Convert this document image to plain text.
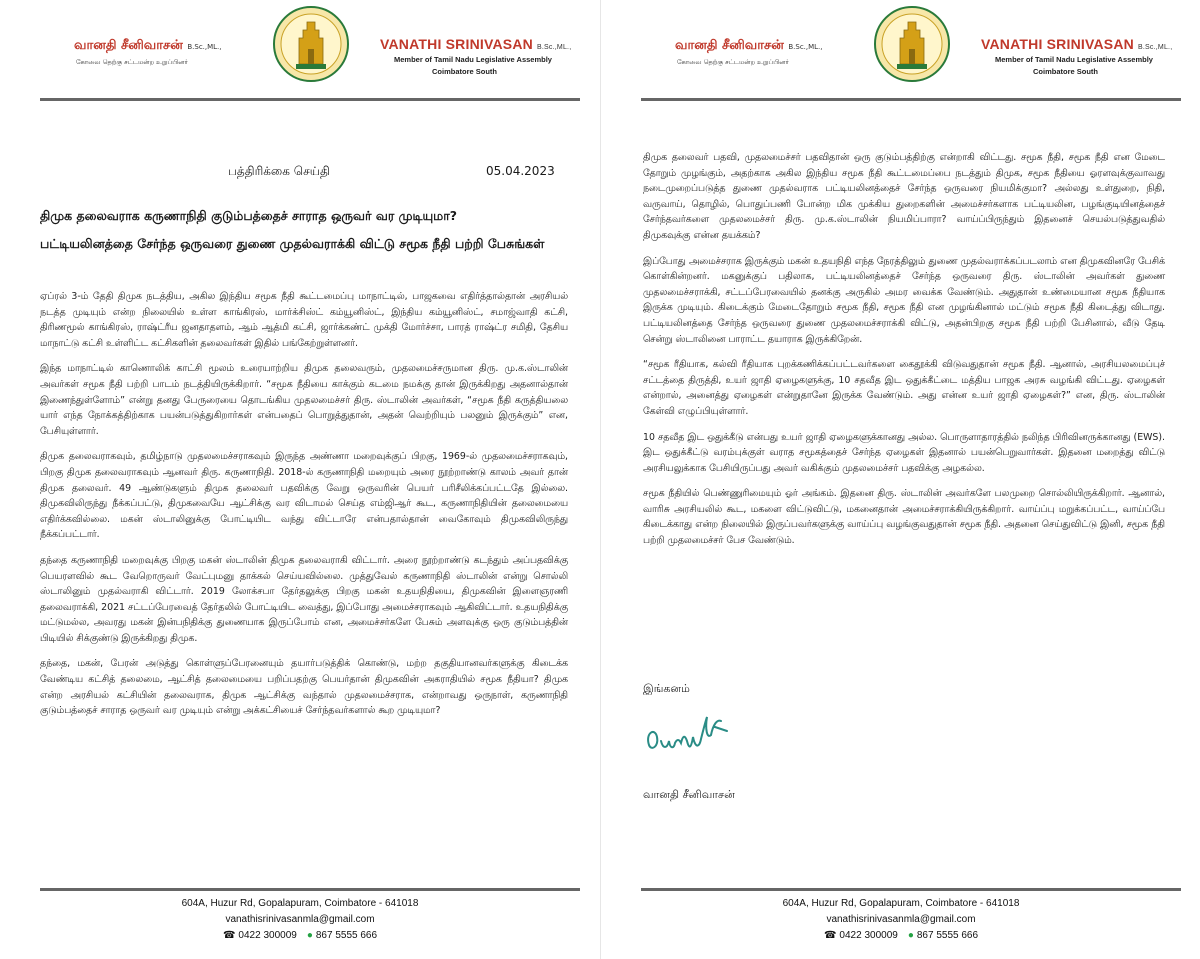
வானதி சீனிவாசன் B.Sc.,ML.,
கோவை தெற்கு சட்டமன்ற உறுப்பினர்
VANATHI SRINIVASAN B.Sc.,ML.,
Member of Tamil Nadu Legislative Assembly
Coimbatore South
பத்திரிக்கை செய்தி	05.04.2023
திமுக தலைவராக கருணாநிதி குடும்பத்தைச் சாராத ஒருவர் வர முடியுமா?
பட்டியலினத்தை சேர்ந்த ஒருவரை துணை முதல்வராக்கி விட்டு சமூக நீதி பற்றி பேசுங்கள்

ஏப்ரல் 3-ம் தேதி திமுக நடத்திய, அகில இந்திய சமூக நீதி கூட்டமைப்பு மாநாட்டில், பாஜகவை எதிர்த்தால்தான் அரசியல் நடத்த முடியும் என்ற நிலையில் உள்ள காங்கிரஸ், மார்க்சிஸ்ட் கம்யூனிஸ்ட், இந்திய கம்யூனிஸ்ட், சமாஜ்வாதி கட்சி, திரிணமூல் காங்கிரஸ், ராஷ்ட்ரீய ஜனதாதளம், ஆம் ஆத்மி கட்சி, ஜார்க்கண்ட் முக்தி மோர்ச்சா, பாரத் ராஷ்ட்ர சமிதி, தேசிய மாநாட்டு கட்சி உள்ளிட்ட கட்சிகளின் தலைவர்கள் இதில் பங்கேற்றுள்ளனர்.

இந்த மாநாட்டில் காணொலிக் காட்சி மூலம் உரையாற்றிய திமுக தலைவரும், முதலமைச்சருமான திரு. மு.க.ஸ்டாலின் அவர்கள் சமூக நீதி பற்றி பாடம் நடத்தியிருக்கிறார். “சமூக நீதியை காக்கும் கடமை நமக்கு தான் இருக்கிறது அதனால்தான் இணைந்துள்ளோம்” என்று தனது பேருரையை தொடங்கிய முதலமைச்சர் திரு. ஸ்டாலின் அவர்கள், “சமூக நீதி கருத்தியலை யார் எந்த நோக்கத்திற்காக பயன்படுத்துகிறார்கள் என்பதைப் பொறுத்துதான், அதன் வெற்றியும் பலனும் இருக்கும்” என, பேசியுள்ளார்.

திமுக தலைவராகவும், தமிழ்நாடு முதலமைச்சராகவும் இருந்த அண்ணா மறைவுக்குப் பிறகு, 1969-ல் முதலமைச்சராகவும், பிறகு திமுக தலைவராகவும் ஆனவர் திரு. கருணாநிதி. 2018-ல் கருணாநிதி மறையும் அரை நூற்றாண்டு காலம் அவர் தான் திமுக தலைவர். 49 ஆண்டுகளும் திமுக தலைவர் பதவிக்கு வேறு ஒருவரின் பெயர் பரிசீலிக்கப்பட்டதே இல்லை. திமுகவிலிருந்து நீக்கப்பட்டு, திமுகவையே ஆட்சிக்கு வர விடாமல் செய்த எம்ஜிஆர் கூட, கருணாநிதியின் தலைமையை எதிர்க்கவில்லை. மகன் ஸ்டாலினுக்கு போட்டியிட வந்து விட்டாரே என்பதால்தான் வைகோவும் திமுகவிலிருந்து நீக்கப்பட்டார்.

தந்தை கருணாநிதி மறைவுக்கு பிறகு மகன் ஸ்டாலின் திமுக தலைவராகி விட்டார். அரை நூற்றாண்டு கடந்தும் அப்பதவிக்கு பெயரளவில் கூட வேறொருவர் வேட்புமனு தாக்கல் செய்யவில்லை. முத்துவேல் கருணாநிதி ஸ்டாலின் என்று சொல்லி ஸ்டாலினும் முதல்வராகி விட்டார். 2019 லோக்சபா தேர்தலுக்கு பிறகு மகன் உதயநிதியை, திமுகவின் இளைஞரணி தலைவராக்கி, 2021 சட்டப்பேரவைத் தேர்தலில் போட்டியிட வைத்து, இப்போது அமைச்சராகவும் ஆகிவிட்டார். உதயநிதிக்கு மட்டுமல்ல, அவரது மகன் இன்பநிதிக்கு துணையாக இருப்போம் என, அமைச்சர்களே பேசும் அளவுக்கு ஒரு குடும்பத்தின் பிடியில் சிக்குண்டு இருக்கிறது திமுக.

தந்தை, மகன், பேரன் அடுத்து கொள்ளுப்பேரனையும் தயார்படுத்திக் கொண்டு, மற்ற தகுதியானவர்களுக்கு கிடைக்க வேண்டிய கட்சித் தலைமை, ஆட்சித் தலைமையை பறிப்பதற்கு பெயர்தான் திமுகவின் அகராதியில் சமூக நீதியா? திமுக என்ற அரசியல் கட்சியின் தலைவராக, திமுக ஆட்சிக்கு வந்தால் முதலமைச்சராக, என்றாவது ஒருநாள், கருணாநிதி குடும்பத்தைச் சாராத ஒருவர் வர முடியும் என்று அக்கட்சியைச் சேர்ந்தவர்களால் கூற முடியுமா?

604A, Huzur Rd, Gopalapuram, Coimbatore - 641018
vanathisrinivasanmla@gmail.com
☎ 0422 300009 ● 867 5555 666
வானதி சீனிவாசன் B.Sc.,ML.,
கோவை தெற்கு சட்டமன்ற உறுப்பினர்
VANATHI SRINIVASAN B.Sc.,ML.,
Member of Tamil Nadu Legislative Assembly
Coimbatore South

திமுக தலைவர் பதவி, முதலமைச்சர் பதவிதான் ஒரு குடும்பத்திற்கு என்றாகி விட்டது. சமூக நீதி, சமூக நீதி என மேடை தோறும் முழங்கும், அதற்காக அகில இந்திய சமூக நீதி கூட்டமைப்பை நடத்தும் திமுக, சமூக நீதியை ஓரளவுக்குவாவது நடைமுறைப்படுத்த துணை முதல்வராக பட்டியலினத்தைச் சேர்ந்த ஒருவரை நியமிக்குமா? அல்லது உள்துறை, நிதி, வருவாய், தொழில், பொதுப்பணி போன்ற மிக முக்கிய துறைகளின் அமைச்சர்களாக பட்டியலின, பழங்குடியினத்தைச் சேர்ந்தவர்களை முதலமைச்சர் திரு. மு.க.ஸ்டாலின் நியமிப்பாரா? வாய்ப்பிருந்தும் இதனைச் செயல்படுத்துவதில் திமுகவுக்கு என்ன தயக்கம்?

இப்போது அமைச்சராக இருக்கும் மகன் உதயநிதி எந்த நேரத்திலும் துணை முதல்வராக்கப்படலாம் என திமுகவினரே பேசிக் கொள்கின்றனர். மகனுக்குப் பதிலாக, பட்டியலினத்தைச் சேர்ந்த ஒருவரை திரு. ஸ்டாலின் அவர்கள் துணை முதலமைச்சராக்கி, சட்டப்பேரவையில் தனக்கு அருகில் அமர வைக்க வேண்டும். அதுதான் உண்மையான சமூக நீதியாக இருக்க முடியும். கிடைக்கும் மேடைதோறும் சமூக நீதி, சமூக நீதி என முழங்கினால் மட்டும் சமூக நீதி கிடைத்து விடாது. பட்டியலினத்தை சேர்ந்த ஒருவரை துணை முதலமைச்சராக்கி விட்டு, அதன்பிறகு சமூக நீதி பற்றி பேசினால், வீடு தேடி சென்று ஸ்டாலினை பாராட்ட தயாராக இருக்கிறேன்.

“சமூக ரீதியாக, கல்வி ரீதியாக புறக்கணிக்கப்பட்டவர்களை கைதூக்கி விடுவதுதான் சமூக நீதி. ஆனால், அரசியலமைப்புச் சட்டத்தை திருத்தி, உயர் ஜாதி ஏழைகளுக்கு, 10 சதவீத இட ஒதுக்கீட்டை மத்திய பாஜக அரசு வழங்கி விட்டது. ஏழைகள் என்றால், அனைத்து ஏழைகள் என்றுதானே இருக்க வேண்டும். அது என்ன உயர் ஜாதி ஏழைகள்?” என, திரு. ஸ்டாலின் கேள்வி எழுப்பியுள்ளார்.

10 சதவீத இட ஒதுக்கீடு என்பது உயர் ஜாதி ஏழைகளுக்கானது அல்ல. பொருளாதாரத்தில் நலிந்த பிரிவினருக்கானது (EWS). இட ஒதுக்கீட்டு வரம்புக்குள் வராத சமூகத்தைச் சேர்ந்த ஏழைகள் இதனால் பயன்பெறுவார்கள். இதனை மறைத்து விட்டு அரசியலுக்காக பேசியிருப்பது அவர் வகிக்கும் முதலமைச்சர் பதவிக்கு அழகல்ல.

சமூக நீதியில் பெண்ணுரிமையும் ஓர் அங்கம். இதனை திரு. ஸ்டாலின் அவர்களே பலமுறை சொல்லியிருக்கிறார். ஆனால், வாரிசு அரசியலில் கூட, மகளை விட்டுவிட்டு, மகனைதான் அமைச்சராக்கியிருக்கிறார். வாய்ப்பு மறுக்கப்பட்ட, வாய்ப்பே கிடைக்காது என்ற நிலையில் இருப்பவர்களுக்கு வாய்ப்பு வழங்குவதுதான் சமூக நீதி. அதனை செய்துவிட்டு இனி, சமூக நீதி பற்றி முதலமைச்சர் பேச வேண்டும்.

இங்கனம்
வானதி சீனிவாசன்
604A, Huzur Rd, Gopalapuram, Coimbatore - 641018
vanathisrinivasanmla@gmail.com
☎ 0422 300009 ● 867 5555 666
